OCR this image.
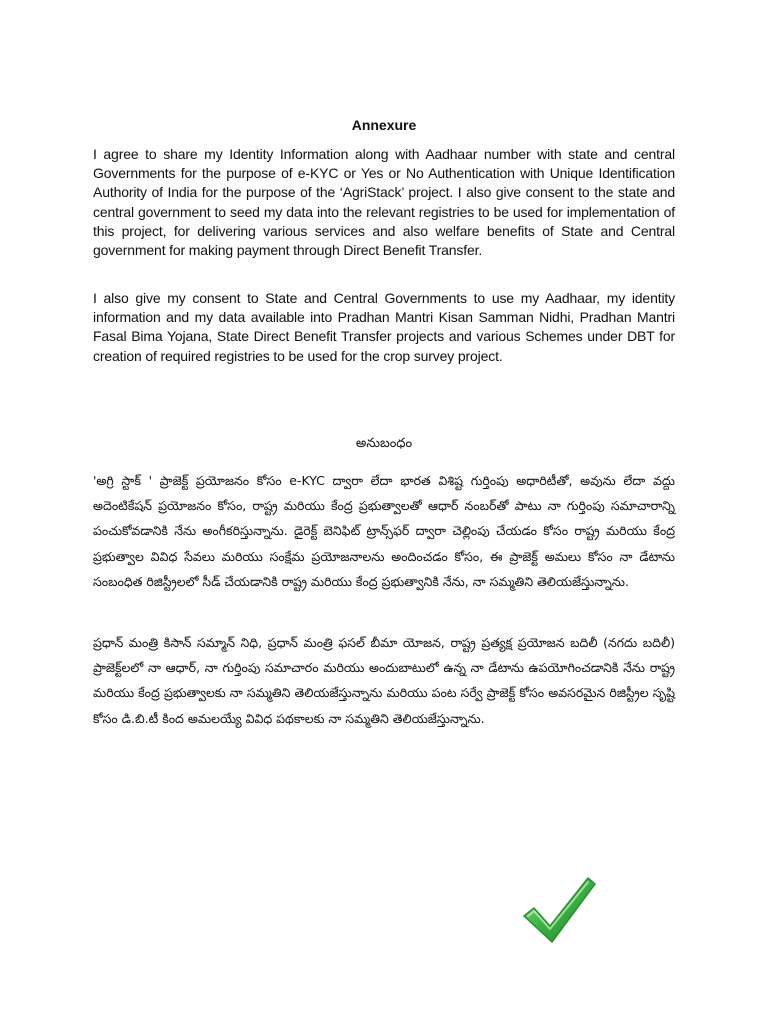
Annexure

I agree to share my Identity Information along with Aadhaar number with state and central Governments for the purpose of e-KYC or Yes or No Authentication with Unique Identification Authority of India for the purpose of the ‘AgriStack’ project. I also give consent to the state and central government to seed my data into the relevant registries to be used for implementation of this project, for delivering various services and also welfare benefits of State and Central government for making payment through Direct Benefit Transfer.

I also give my consent to State and Central Governments to use my Aadhaar, my identity information and my data available into Pradhan Mantri Kisan Samman Nidhi, Pradhan Mantri Fasal Bima Yojana, State Direct Benefit Transfer projects and various Schemes under DBT for creation of required registries to be used for the crop survey project.

అనుబంధం

'అగ్రి స్టాక్ ' ప్రాజెక్ట్ ప్రయోజనం కోసం e-KYC ద్వారా లేదా భారత విశిష్ట గుర్తింపు అధారిటీతో, అవును లేదా వద్దు అదెంటికేషన్ ప్రయోజనం కోసం, రాష్ట్ర మరియు కేంద్ర ప్రభుత్వాలతో ఆధార్ నంబర్‌తో పాటు నా గుర్తింపు సమాచారాన్ని పంచుకోవడానికి నేను అంగీకరిస్తున్నాను. డైరెక్ట్ బెనిఫిట్ ట్రాన్స్‌ఫర్ ద్వారా చెల్లింపు చేయడం కోసం రాష్ట్ర మరియు కేంద్ర ప్రభుత్వాల వివిధ సేవలు మరియు సంక్షేమ ప్రయోజనాలను అందించడం కోసం, ఈ ప్రాజెక్ట్ అమలు కోసం నా డేటాను సంబంధిత రిజిస్ట్రీలలో సీడ్ చేయడానికి రాష్ట్ర మరియు కేంద్ర ప్రభుత్వానికి నేను, నా సమ్మతిని తెలియజేస్తున్నాను.

ప్రధాన్ మంత్రి కిసాన్ సమ్మాన్ నిధి, ప్రధాన్ మంత్రి ఫసల్ బీమా యోజన, రాష్ట్ర ప్రత్యక్ష ప్రయోజన బదిలీ (నగదు బదిలీ) ప్రాజెక్ట్‌లలో నా ఆధార్, నా గుర్తింపు సమాచారం మరియు అందుబాటులో ఉన్న నా డేటాను ఉపయోగించడానికి నేను రాష్ట్ర మరియు కేంద్ర ప్రభుత్వాలకు నా సమ్మతిని తెలియజేస్తున్నాను మరియు పంట సర్వే ప్రాజెక్ట్ కోసం అవసరమైన రిజిస్ట్రీల సృష్టి కోసం డి.బి.టీ కింద అమలయ్యే వివిధ పథకాలకు నా సమ్మతిని తెలియజేస్తున్నాను.
